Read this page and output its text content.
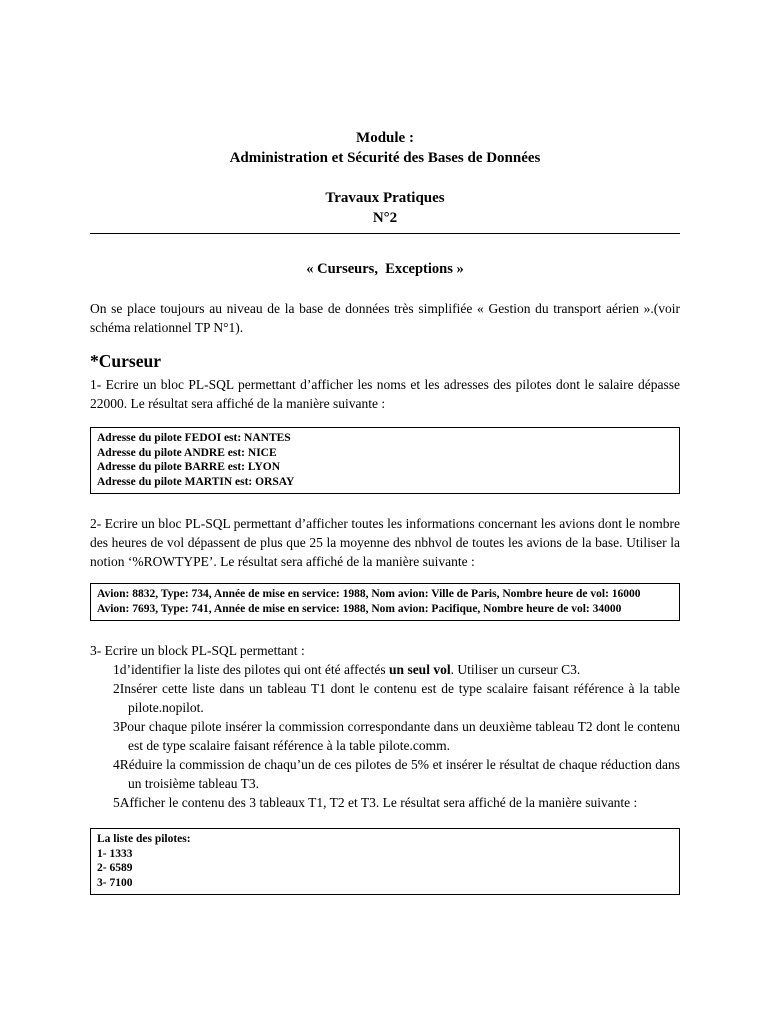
Module :
Administration et Sécurité des Bases de Données
Travaux Pratiques
N°2
« Curseurs,  Exceptions »

On se place toujours au niveau de la base de données très simplifiée « Gestion du transport aérien ».(voir schéma relationnel TP N°1).

*Curseur

1- Ecrire un bloc PL-SQL permettant d’afficher les noms et les adresses des pilotes dont le salaire dépasse 22000. Le résultat sera affiché de la manière suivante :

Adresse du pilote FEDOI est: NANTES
Adresse du pilote ANDRE est: NICE
Adresse du pilote BARRE est: LYON
Adresse du pilote MARTIN est: ORSAY

2- Ecrire un bloc PL-SQL permettant d’afficher toutes les informations concernant les avions dont le nombre des heures de vol dépassent de plus que 25 la moyenne des nbhvol de toutes les avions de la base. Utiliser la notion ‘%ROWTYPE’. Le résultat sera affiché de la manière suivante :

Avion: 8832, Type: 734, Année de mise en service: 1988, Nom avion: Ville de Paris, Nombre heure de vol: 16000
Avion: 7693, Type: 741, Année de mise en service: 1988, Nom avion: Pacifique, Nombre heure de vol: 34000

3- Ecrire un block PL-SQL permettant :

1d’identifier la liste des pilotes qui ont été affectés un seul vol. Utiliser un curseur C3.
2Insérer cette liste dans un tableau T1 dont le contenu est de type scalaire faisant référence à la table pilote.nopilot.
3Pour chaque pilote insérer la commission correspondante dans un deuxième tableau T2 dont le contenu est de type scalaire faisant référence à la table pilote.comm.
4Réduire la commission de chaqu’un de ces pilotes de 5% et insérer le résultat de chaque réduction dans un troisième tableau T3.
5Afficher le contenu des 3 tableaux T1, T2 et T3. Le résultat sera affiché de la manière suivante :
La liste des pilotes:
1- 1333
2- 6589
3- 7100
